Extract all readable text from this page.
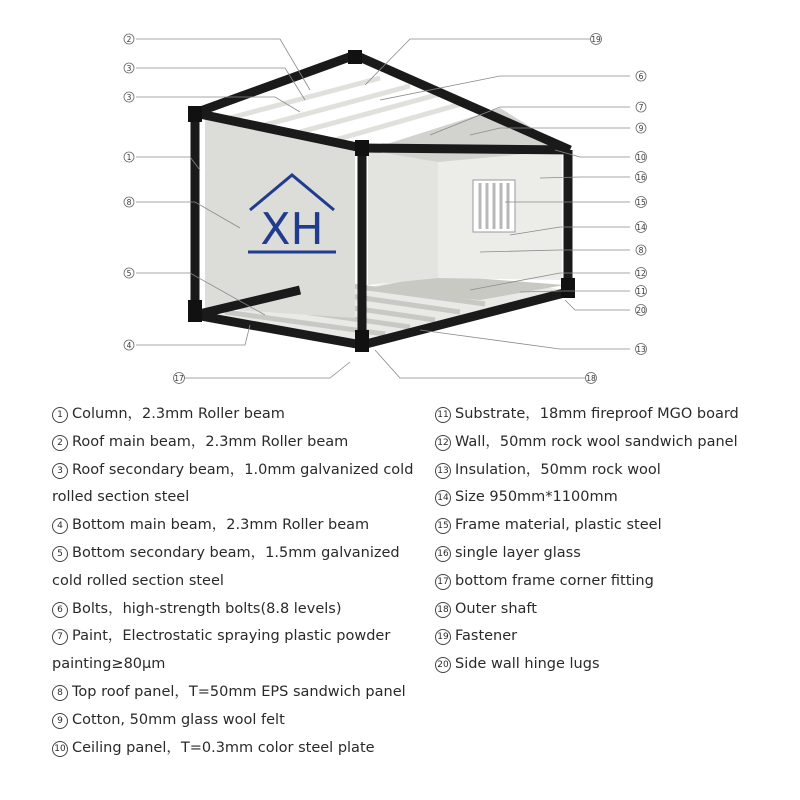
XH
2
3
3
1
8
5
4
17
19
6
7
9
10
16
15
14
8
12
11
20
13
18
1 Column，2.3mm Roller beam
2 Roof main beam，2.3mm Roller beam
3 Roof secondary beam，1.0mm galvanized cold rolled section steel
4 Bottom main beam，2.3mm Roller beam
5 Bottom secondary beam，1.5mm galvanized cold rolled section steel
6 Bolts，high-strength bolts(8.8 levels)
7 Paint，Electrostatic spraying plastic powder painting≥80μm
8 Top roof panel，T=50mm EPS sandwich panel
9 Cotton, 50mm glass wool felt
10 Ceiling panel，T=0.3mm color steel plate
11 Substrate，18mm fireproof MGO board
12 Wall，50mm rock wool sandwich panel
13 Insulation，50mm rock wool
14 Size 950mm*1100mm
15 Frame material, plastic steel
16 single layer glass
17 bottom frame corner fitting
18 Outer shaft
19 Fastener
20 Side wall hinge lugs
